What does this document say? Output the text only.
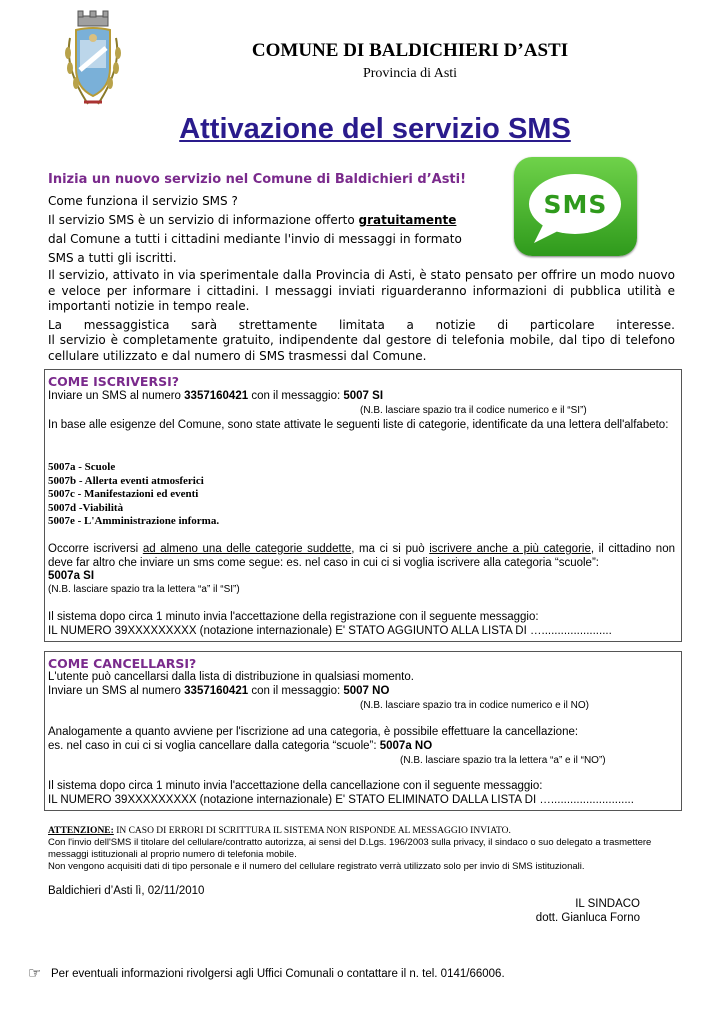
COMUNE DI BALDICHIERI D’ASTI
Provincia di Asti
Attivazione del servizio SMS
Inizia un nuovo servizio nel Comune di Baldichieri d’Asti!
Come funziona il servizio SMS ?
Il servizio SMS è un servizio di informazione offerto gratuitamente
dal Comune a tutti i cittadini mediante l'invio di messaggi in formato
SMS a tutti gli iscritti.
SMS
Il servizio, attivato in via sperimentale dalla Provincia di Asti, è stato pensato per offrire un modo nuovo e veloce per informare i cittadini. I messaggi inviati riguarderanno informazioni di pubblica utilità e importanti notizie in tempo reale.
La messaggistica sarà strettamente limitata a notizie di particolare interesse.
Il servizio è completamente gratuito, indipendente dal gestore di telefonia mobile, dal tipo di telefono cellulare utilizzato e dal numero di SMS trasmessi dal Comune.
COME ISCRIVERSI?
Inviare un SMS al numero 3357160421 con il messaggio: 5007 SI
(N.B. lasciare spazio tra il codice numerico e il “SI”)
In base alle esigenze del Comune, sono state attivate le seguenti liste di categorie, identificate da una lettera dell'alfabeto:
5007a - Scuole
5007b - Allerta eventi atmosferici
5007c - Manifestazioni ed eventi
5007d -Viabilità
5007e - L'Amministrazione informa.
Occorre iscriversi ad almeno una delle categorie suddette, ma ci si può iscrivere anche a più categorie, il cittadino non deve far altro che inviare un sms come segue: es. nel caso in cui ci si voglia iscrivere alla categoria “scuole”:
5007a SI
(N.B. lasciare spazio tra la lettera “a” il “SI”)
Il sistema dopo circa 1 minuto invia l'accettazione della registrazione con il seguente messaggio:
IL NUMERO 39XXXXXXXXX (notazione internazionale) E' STATO AGGIUNTO ALLA LISTA DI …......................
COME CANCELLARSI?
L'utente può cancellarsi dalla lista di distribuzione in qualsiasi momento.
Inviare un SMS al numero 3357160421 con il messaggio: 5007 NO
(N.B. lasciare spazio tra in codice numerico e il NO)
Analogamente a quanto avviene per l'iscrizione ad una categoria, è possibile effettuare la cancellazione:
es. nel caso in cui ci si voglia cancellare dalla categoria “scuole”: 5007a NO
(N.B. lasciare spazio tra la lettera “a” e il “NO”)
Il sistema dopo circa 1 minuto invia l'accettazione della cancellazione con il seguente messaggio:
IL NUMERO 39XXXXXXXXX (notazione internazionale) E' STATO ELIMINATO DALLA LISTA DI …..........................
ATTENZIONE: IN CASO DI ERRORI DI SCRITTURA IL SISTEMA NON RISPONDE AL MESSAGGIO INVIATO.
Con l'invio dell'SMS il titolare del cellulare/contratto autorizza, ai sensi del D.Lgs. 196/2003 sulla privacy, il sindaco o suo delegato a trasmettere messaggi istituzionali al proprio numero di telefonia mobile.
Non vengono acquisiti dati di tipo personale e il numero del cellulare registrato verrà utilizzato solo per invio di SMS istituzionali.
Baldichieri d’Asti lì, 02/11/2010
IL SINDACO
dott. Gianluca Forno
☞ Per eventuali informazioni rivolgersi agli Uffici Comunali o contattare il n. tel. 0141/66006.
